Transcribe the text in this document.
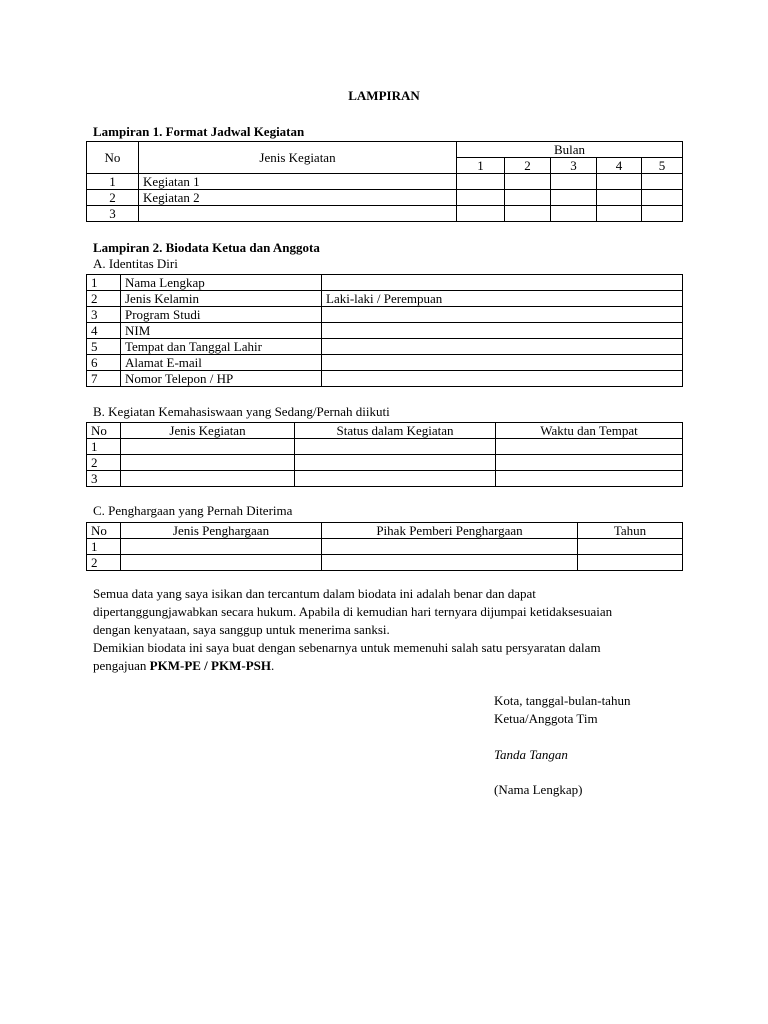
LAMPIRAN
Lampiran 1. Format Jadwal Kegiatan
No	Jenis Kegiatan	Bulan				
		1	2	3	4	5
1	Kegiatan 1					
2	Kegiatan 2					
3						
Lampiran 2. Biodata Ketua dan Anggota
A. Identitas Diri
1	Nama Lengkap	
2	Jenis Kelamin	Laki-laki / Perempuan
3	Program Studi	
4	NIM	
5	Tempat dan Tanggal Lahir	
6	Alamat E-mail	
7	Nomor Telepon / HP	
B. Kegiatan Kemahasiswaan yang Sedang/Pernah diikuti
No	Jenis Kegiatan	Status dalam Kegiatan	Waktu dan Tempat
1			
2			
3			
C. Penghargaan yang Pernah Diterima
No	Jenis Penghargaan	Pihak Pemberi Penghargaan	Tahun
1			
2			
Semua data yang saya isikan dan tercantum dalam biodata ini adalah benar dan dapat
dipertanggungjawabkan secara hukum. Apabila di kemudian hari ternyara dijumpai ketidaksesuaian
dengan kenyataan, saya sanggup untuk menerima sanksi.
Demikian biodata ini saya buat dengan sebenarnya untuk memenuhi salah satu persyaratan dalam
pengajuan PKM-PE / PKM-PSH.
Kota, tanggal-bulan-tahun
Ketua/Anggota Tim
Tanda Tangan
(Nama Lengkap)
